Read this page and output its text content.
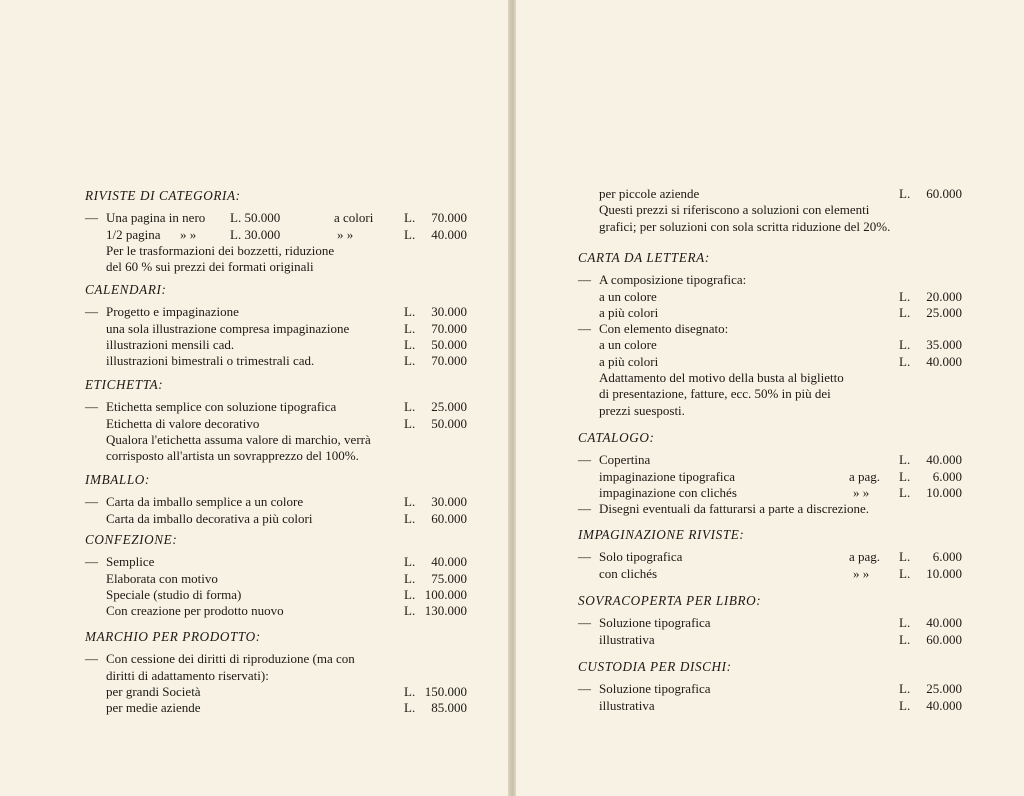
RIVISTE DI CATEGORIA:
— Una pagina in nero L. 50.000	a colori L.	70.000
1/2 pagina » »	L. 30.000	» »	L.	40.000
Per le trasformazioni dei bozzetti, riduzione
del 60 % sui prezzi dei formati originali
CALENDARI:
— Progetto e impaginazione	L.	30.000
una sola illustrazione compresa impaginazione	L.	70.000
illustrazioni mensili cad.	L.	50.000
illustrazioni bimestrali o trimestrali cad.	L.	70.000
ETICHETTA:
— Etichetta semplice con soluzione tipografica	L.	25.000
Etichetta di valore decorativo	L.	50.000
Qualora l'etichetta assuma valore di marchio, verrà
corrisposto all'artista un sovrapprezzo del 100%.
IMBALLO:
— Carta da imballo semplice a un colore	L.	30.000
Carta da imballo decorativa a più colori	L.	60.000
CONFEZIONE:
— Semplice	L.	40.000
Elaborata con motivo	L.	75.000
Speciale (studio di forma)	L. 100.000
Con creazione per prodotto nuovo	L. 130.000
MARCHIO PER PRODOTTO:
— Con cessione dei diritti di riproduzione (ma con
diritti di adattamento riservati):
per grandi Società	L. 150.000
per medie aziende	L.	85.000
per piccole aziende	L.	60.000
Questi prezzi si riferiscono a soluzioni con elementi
grafici; per soluzioni con sola scritta riduzione del 20%.
CARTA DA LETTERA:
— A composizione tipografica:
a un colore	L.	20.000
a più colori	L.	25.000
— Con elemento disegnato:
a un colore	L.	35.000
a più colori	L.	40.000
Adattamento del motivo della busta al biglietto
di presentazione, fatture, ecc. 50% in più dei
prezzi suesposti.
CATALOGO:
— Copertina	L.	40.000
impaginazione tipografica	a pag. L.	6.000
impaginazione con clichés	» » L.	10.000
— Disegni eventuali da fatturarsi a parte a discrezione.
IMPAGINAZIONE RIVISTE:
— Solo tipografica	a pag. L.	6.000
con clichés	» » L.	10.000
SOVRACOPERTA PER LIBRO:
— Soluzione tipografica	L.	40.000
illustrativa	L.	60.000
CUSTODIA PER DISCHI:
— Soluzione tipografica	L.	25.000
illustrativa	L.	40.000
